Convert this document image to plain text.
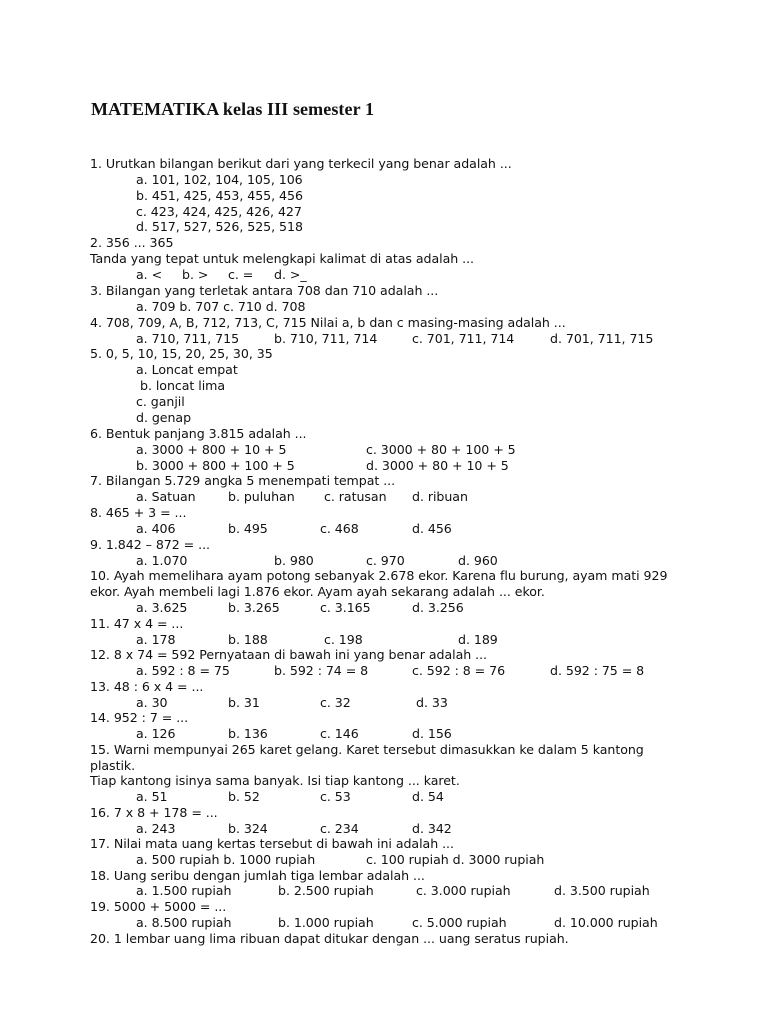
MATEMATIKA kelas III semester 1
1. Urutkan bilangan berikut dari yang terkecil yang benar adalah ...
a. 101, 102, 104, 105, 106
b. 451, 425, 453, 455, 456
c. 423, 424, 425, 426, 427
d. 517, 527, 526, 525, 518
2. 356 ... 365
Tanda yang tepat untuk melengkapi kalimat di atas adalah ...
a. < b. > c. = d. >_
3. Bilangan yang terletak antara 708 dan 710 adalah ...
a. 709 b. 707 c. 710 d. 708
4. 708, 709, A, B, 712, 713, C, 715 Nilai a, b dan c masing-masing adalah ...
a. 710, 711, 715	b. 710, 711, 714	c. 701, 711, 714	d. 701, 711, 715
5. 0, 5, 10, 15, 20, 25, 30, 35
a. Loncat empat
b. loncat lima
c. ganjil
d. genap
6. Bentuk panjang 3.815 adalah ...
a. 3000 + 800 + 10 + 5	c. 3000 + 80 + 100 + 5
b. 3000 + 800 + 100 + 5	d. 3000 + 80 + 10 + 5
7. Bilangan 5.729 angka 5 menempati tempat ...
a. Satuan	b. puluhan c. ratusan d. ribuan
8. 465 + 3 = ...
a. 406	b. 495	c. 468	d. 456
9. 1.842 – 872 = ...
a. 1.070	b. 980	c. 970	d. 960
10. Ayah memelihara ayam potong sebanyak 2.678 ekor. Karena flu burung, ayam mati 929
ekor. Ayah membeli lagi 1.876 ekor. Ayam ayah sekarang adalah ... ekor.
a. 3.625	b. 3.265	c. 3.165	d. 3.256
11. 47 x 4 = ...
a. 178	b. 188	c. 198	d. 189
12. 8 x 74 = 592 Pernyataan di bawah ini yang benar adalah ...
a. 592 : 8 = 75	b. 592 : 74 = 8	c. 592 : 8 = 76	d. 592 : 75 = 8
13. 48 : 6 x 4 = ...
a. 30	b. 31	c. 32	d. 33
14. 952 : 7 = ...
a. 126	b. 136	c. 146	d. 156
15. Warni mempunyai 265 karet gelang. Karet tersebut dimasukkan ke dalam 5 kantong
plastik.
Tiap kantong isinya sama banyak. Isi tiap kantong ... karet.
a. 51	b. 52	c. 53	d. 54
16. 7 x 8 + 178 = ...
a. 243	b. 324	c. 234	d. 342
17. Nilai mata uang kertas tersebut di bawah ini adalah ...
a. 500 rupiah b. 1000 rupiah	c. 100 rupiah d. 3000 rupiah
18. Uang seribu dengan jumlah tiga lembar adalah ...
a. 1.500 rupiah	b. 2.500 rupiah	c. 3.000 rupiah	d. 3.500 rupiah
19. 5000 + 5000 = ...
a. 8.500 rupiah	b. 1.000 rupiah	c. 5.000 rupiah	d. 10.000 rupiah
20. 1 lembar uang lima ribuan dapat ditukar dengan ... uang seratus rupiah.
